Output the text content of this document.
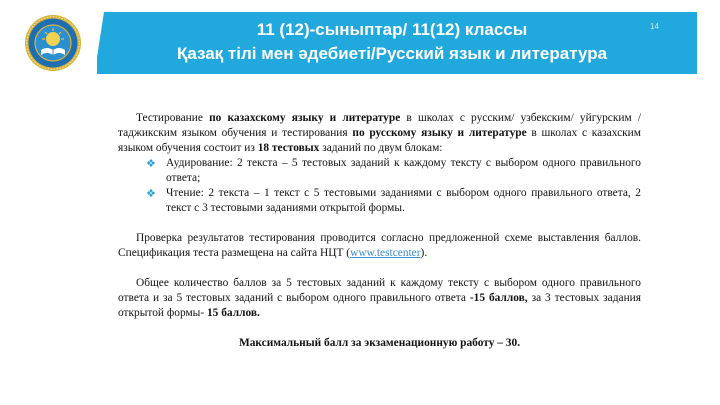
11 (12)-сыныптар/ 11(12) классы
Қазақ тілі мен әдебиеті/Русский язык и литература
14

Тестирование по казахскому языку и литературе в школах с русским/ узбекским/ уйгурским / таджикским языком обучения и тестирования по русскому языку и литературе в школах с казахским языком обучения состоит из 18 тестовых заданий по двум блокам:

❖ Аудирование: 2 текста – 5 тестовых заданий к каждому тексту с выбором одного правильного ответа;

❖ Чтение: 2 текста – 1 текст с 5 тестовыми заданиями с выбором одного правильного ответа, 2 текст с 3 тестовыми заданиями открытой формы.

Проверка результатов тестирования проводится согласно предложенной схеме выставления баллов. Спецификация теста размещена на сайта НЦТ (www.testcenter).

Общее количество баллов за 5 тестовых заданий к каждому тексту с выбором одного правильного ответа и за 5 тестовых заданий с выбором одного правильного ответа -15 баллов, за 3 тестовых задания открытой формы- 15 баллов.

Максимальный балл за экзаменационную работу – 30.
